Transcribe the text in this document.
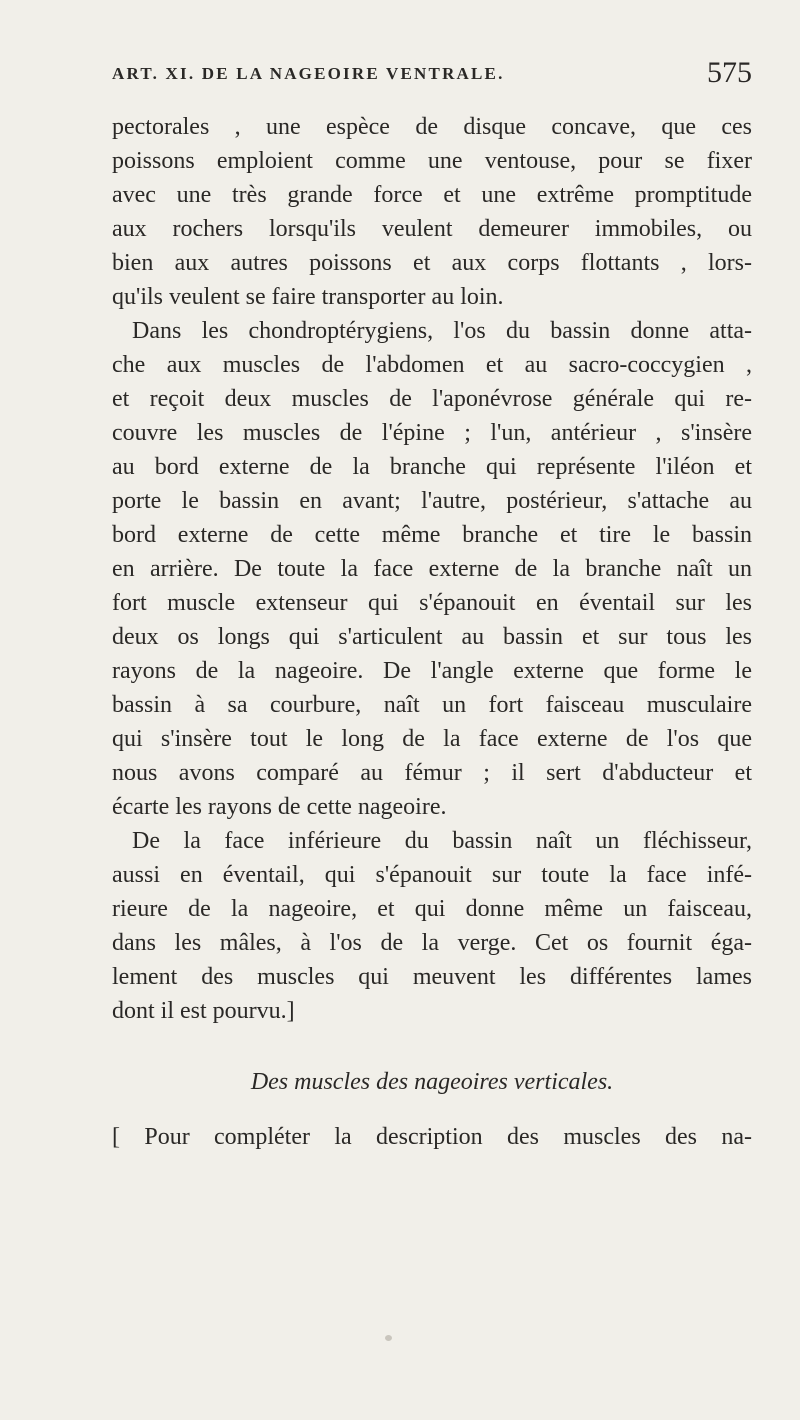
ART. XI. DE LA NAGEOIRE VENTRALE.	575
pectorales , une espèce de disque concave, que ces
poissons emploient comme une ventouse, pour se fixer
avec une très grande force et une extrême promptitude
aux rochers lorsqu'ils veulent demeurer immobiles, ou
bien aux autres poissons et aux corps flottants , lors-
qu'ils veulent se faire transporter au loin.
Dans les chondroptérygiens, l'os du bassin donne atta-
che aux muscles de l'abdomen et au sacro-coccygien ,
et reçoit deux muscles de l'aponévrose générale qui re-
couvre les muscles de l'épine ; l'un, antérieur , s'insère
au bord externe de la branche qui représente l'iléon et
porte le bassin en avant; l'autre, postérieur, s'attache au
bord externe de cette même branche et tire le bassin
en arrière. De toute la face externe de la branche naît un
fort muscle extenseur qui s'épanouit en éventail sur les
deux os longs qui s'articulent au bassin et sur tous les
rayons de la nageoire. De l'angle externe que forme le
bassin à sa courbure, naît un fort faisceau musculaire
qui s'insère tout le long de la face externe de l'os que
nous avons comparé au fémur ; il sert d'abducteur et
écarte les rayons de cette nageoire.
De la face inférieure du bassin naît un fléchisseur,
aussi en éventail, qui s'épanouit sur toute la face infé-
rieure de la nageoire, et qui donne même un faisceau,
dans les mâles, à l'os de la verge. Cet os fournit éga-
lement des muscles qui meuvent les différentes lames
dont il est pourvu.]
Des muscles des nageoires verticales.
[ Pour compléter la description des muscles des na-
